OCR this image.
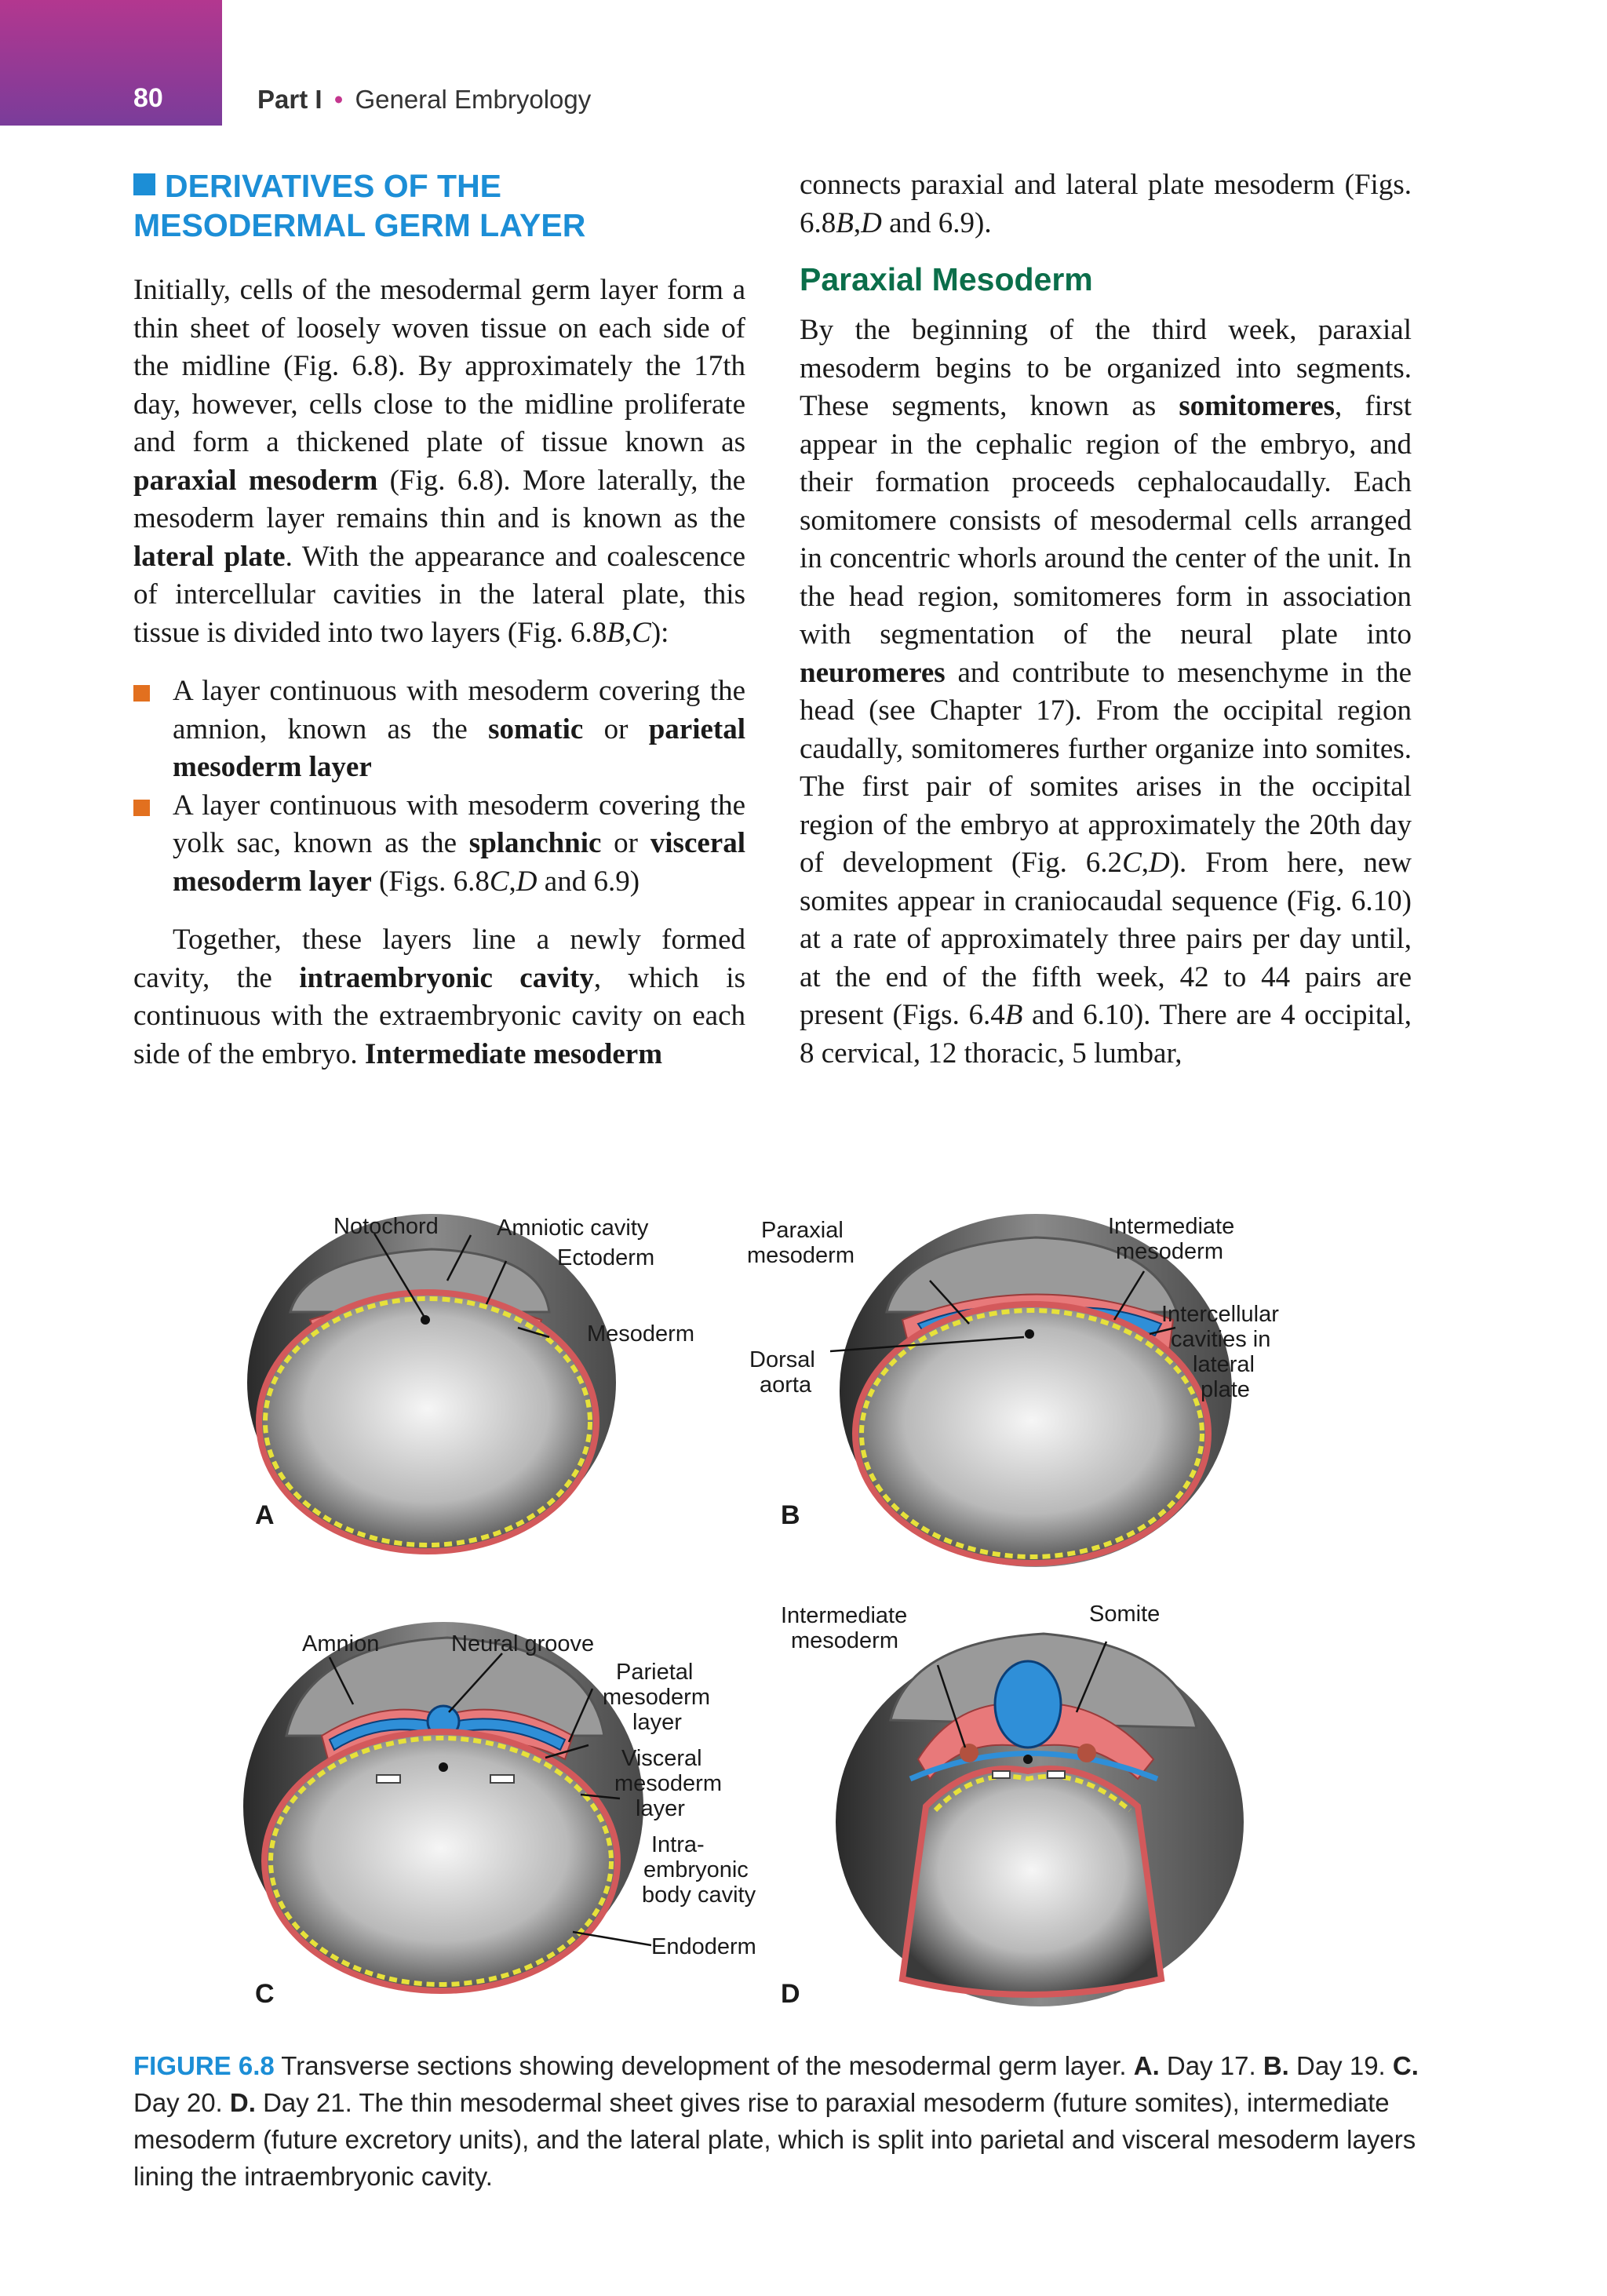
80	Part I • General Embryology
DERIVATIVES OF THE
MESODERMAL GERM LAYER

Initially, cells of the mesodermal germ layer form a thin sheet of loosely woven tissue on each side of the midline (Fig. 6.8). By approximately the 17th day, however, cells close to the midline proliferate and form a thickened plate of tissue known as paraxial mesoderm (Fig. 6.8). More laterally, the mesoderm layer remains thin and is known as the lateral plate. With the appearance and coalescence of intercellular cavities in the lateral plate, this tissue is divided into two layers (Fig. 6.8B,C):

A layer continuous with mesoderm covering the amnion, known as the somatic or parietal mesoderm layer
A layer continuous with mesoderm covering the yolk sac, known as the splanchnic or visceral mesoderm layer (Figs. 6.8C,D and 6.9)

Together, these layers line a newly formed cavity, the intraembryonic cavity, which is continuous with the extraembryonic cavity on each side of the embryo. Intermediate mesoderm

connects paraxial and lateral plate mesoderm (Figs. 6.8B,D and 6.9).

Paraxial Mesoderm

By the beginning of the third week, paraxial mesoderm begins to be organized into segments. These segments, known as somitomeres, first appear in the cephalic region of the embryo, and their formation proceeds cephalocaudally. Each somitomere consists of mesodermal cells arranged in concentric whorls around the center of the unit. In the head region, somitomeres form in association with segmentation of the neural plate into neuromeres and contribute to mesenchyme in the head (see Chapter 17). From the occipital region caudally, somitomeres further organize into somites. The first pair of somites arises in the occipital region of the embryo at approximately the 20th day of development (Fig. 6.2C,D). From here, new somites appear in craniocaudal sequence (Fig. 6.10) at a rate of approximately three pairs per day until, at the end of the fifth week, 42 to 44 pairs are present (Figs. 6.4B and 6.10). There are 4 occipital, 8 cervical, 12 thoracic, 5 lumbar,

Notochord	Amniotic cavity
Ectoderm
Mesoderm
A
Paraxial
mesoderm
Dorsal
aorta
Intermediate
mesoderm
Intercellular
cavities in
lateral
plate
B
Amnion	Neural groove
Parietal
mesoderm
layer
Visceral
mesoderm
layer
Intra-
embryonic
body cavity
Endoderm
C
Intermediate
mesoderm
Somite
D

FIGURE 6.8 Transverse sections showing development of the mesodermal germ layer. A. Day 17. B. Day 19. C. Day 20. D. Day 21. The thin mesodermal sheet gives rise to paraxial mesoderm (future somites), intermediate mesoderm (future excretory units), and the lateral plate, which is split into parietal and visceral mesoderm layers lining the intraembryonic cavity.
